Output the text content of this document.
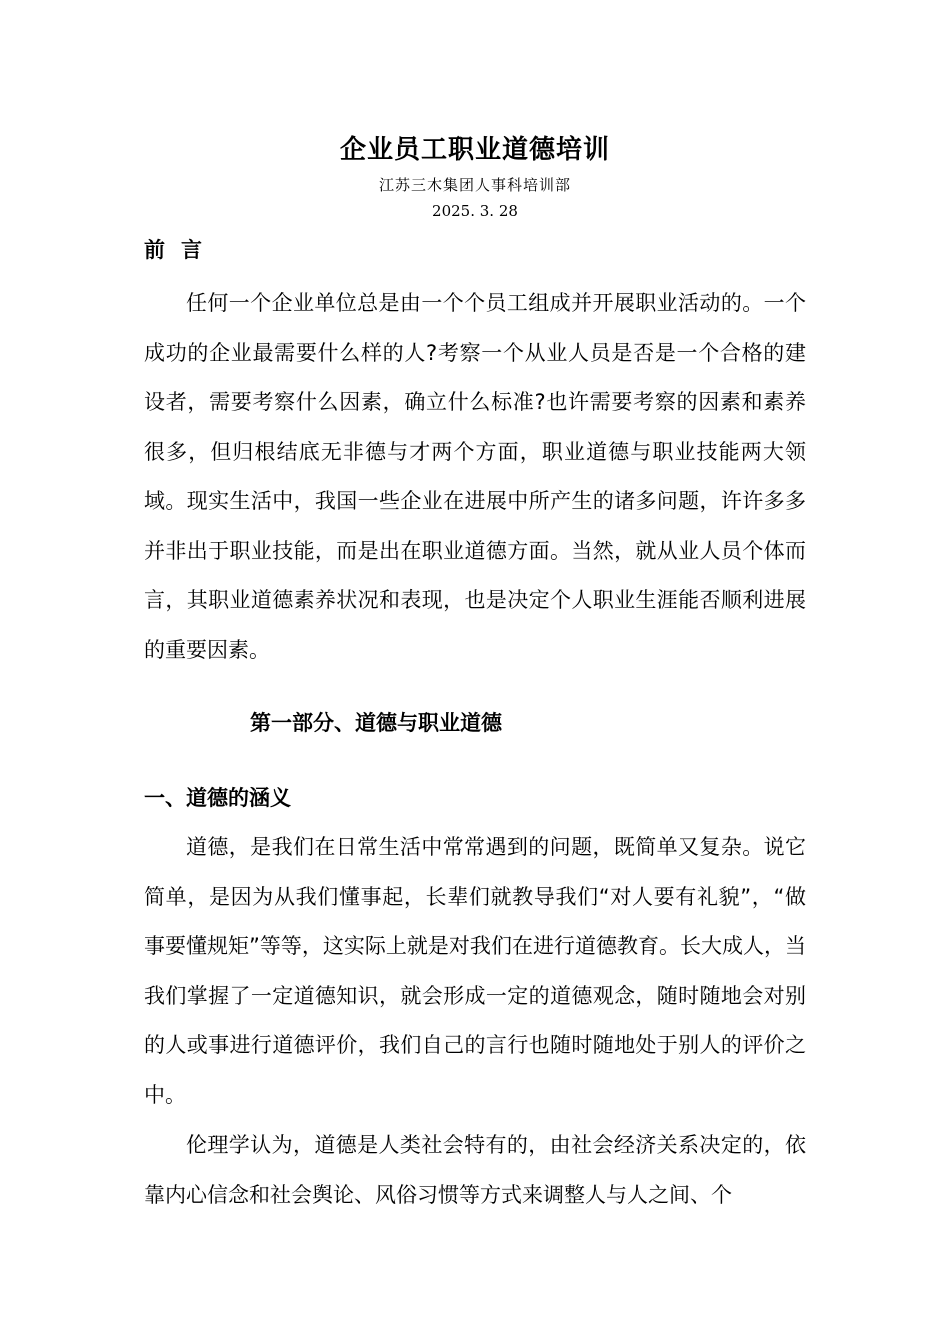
企业员工职业道德培训
江苏三木集团人事科培训部
2025. 3. 28
前言

任何一个企业单位总是由一个个员工组成并开展职业活动的。一个成功的企业最需要什么样的人?考察一个从业人员是否是一个合格的建设者，需要考察什么因素，确立什么标准?也许需要考察的因素和素养很多，但归根结底无非德与才两个方面，职业道德与职业技能两大领域。现实生活中，我国一些企业在进展中所产生的诸多问题，许许多多并非出于职业技能，而是出在职业道德方面。当然，就从业人员个体而言，其职业道德素养状况和表现，也是决定个人职业生涯能否顺利进展的重要因素。

第一部分、道德与职业道德
一、道德的涵义

道德，是我们在日常生活中常常遇到的问题，既简单又复杂。说它简单，是因为从我们懂事起，长辈们就教导我们“对人要有礼貌”，“做事要懂规矩”等等，这实际上就是对我们在进行道德教育。长大成人，当我们掌握了一定道德知识，就会形成一定的道德观念，随时随地会对别的人或事进行道德评价，我们自己的言行也随时随地处于别人的评价之中。

伦理学认为，道德是人类社会特有的，由社会经济关系决定的，依靠内心信念和社会舆论、风俗习惯等方式来调整人与人之间、个
